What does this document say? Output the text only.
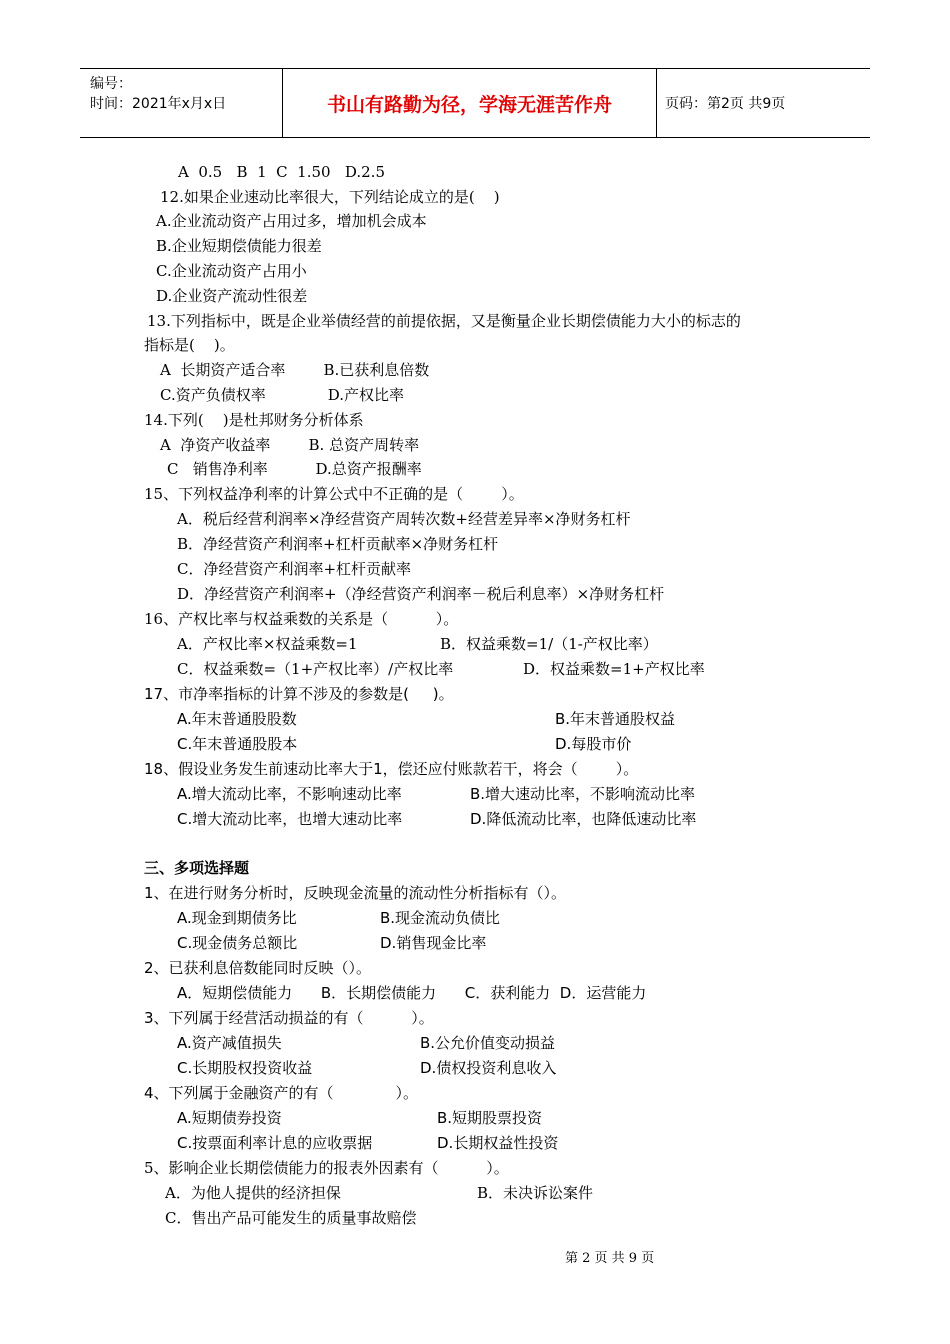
编号：
时间：2021年x月x日	书山有路勤为径，学海无涯苦作舟	页码：第2页 共9页
A  0.5   B  1  C  1.50   D.2.5
12.如果企业速动比率很大，下列结论成立的是(    )
A.企业流动资产占用过多，增加机会成本
B.企业短期偿债能力很差
C.企业流动资产占用小
D.企业资产流动性很差
13.下列指标中，既是企业举债经营的前提依据，又是衡量企业长期偿债能力大小的标志的
指标是(    )。
A  长期资产适合率        B.已获利息倍数
C.资产负债权率             D.产权比率
14.下列(    )是杜邦财务分析体系
A  净资产收益率        B. 总资产周转率
C   销售净利率          D.总资产报酬率
15、下列权益净利率的计算公式中不正确的是（        ）。
A．税后经营利润率×净经营资产周转次数+经营差异率×净财务杠杆
B．净经营资产利润率+杠杆贡献率×净财务杠杆
C．净经营资产利润率+杠杆贡献率
D．净经营资产利润率+（净经营资产利润率－税后利息率）×净财务杠杆
16、产权比率与权益乘数的关系是（          ）。
A．产权比率×权益乘数=1	B．权益乘数=1/（1-产权比率）
C．权益乘数=（1+产权比率）/产权比率	D．权益乘数=1+产权比率
17、市净率指标的计算不涉及的参数是(     )。
A.年末普通股股数	B.年末普通股权益
C.年末普通股股本	D.每股市价
18、假设业务发生前速动比率大于1，偿还应付账款若干，将会（        ）。
A.增大流动比率，不影响速动比率	B.增大速动比率，不影响流动比率
C.增大流动比率，也增大速动比率	D.降低流动比率，也降低速动比率
三、多项选择题
1、在进行财务分析时，反映现金流量的流动性分析指标有（）。
A.现金到期债务比	B.现金流动负债比
C.现金债务总额比	D.销售现金比率
2、已获利息倍数能同时反映（）。
A．短期偿债能力      B．长期偿债能力      C．获利能力  D．运营能力
3、下列属于经营活动损益的有（          ）。
A.资产减值损失	B.公允价值变动损益
C.长期股权投资收益	D.债权投资利息收入
4、下列属于金融资产的有（             ）。
A.短期债券投资	B.短期股票投资
C.按票面利率计息的应收票据	D.长期权益性投资
5、影响企业长期偿债能力的报表外因素有（          ）。
A．为他人提供的经济担保	B．未决诉讼案件
C．售出产品可能发生的质量事故赔偿
第 2 页 共 9 页
